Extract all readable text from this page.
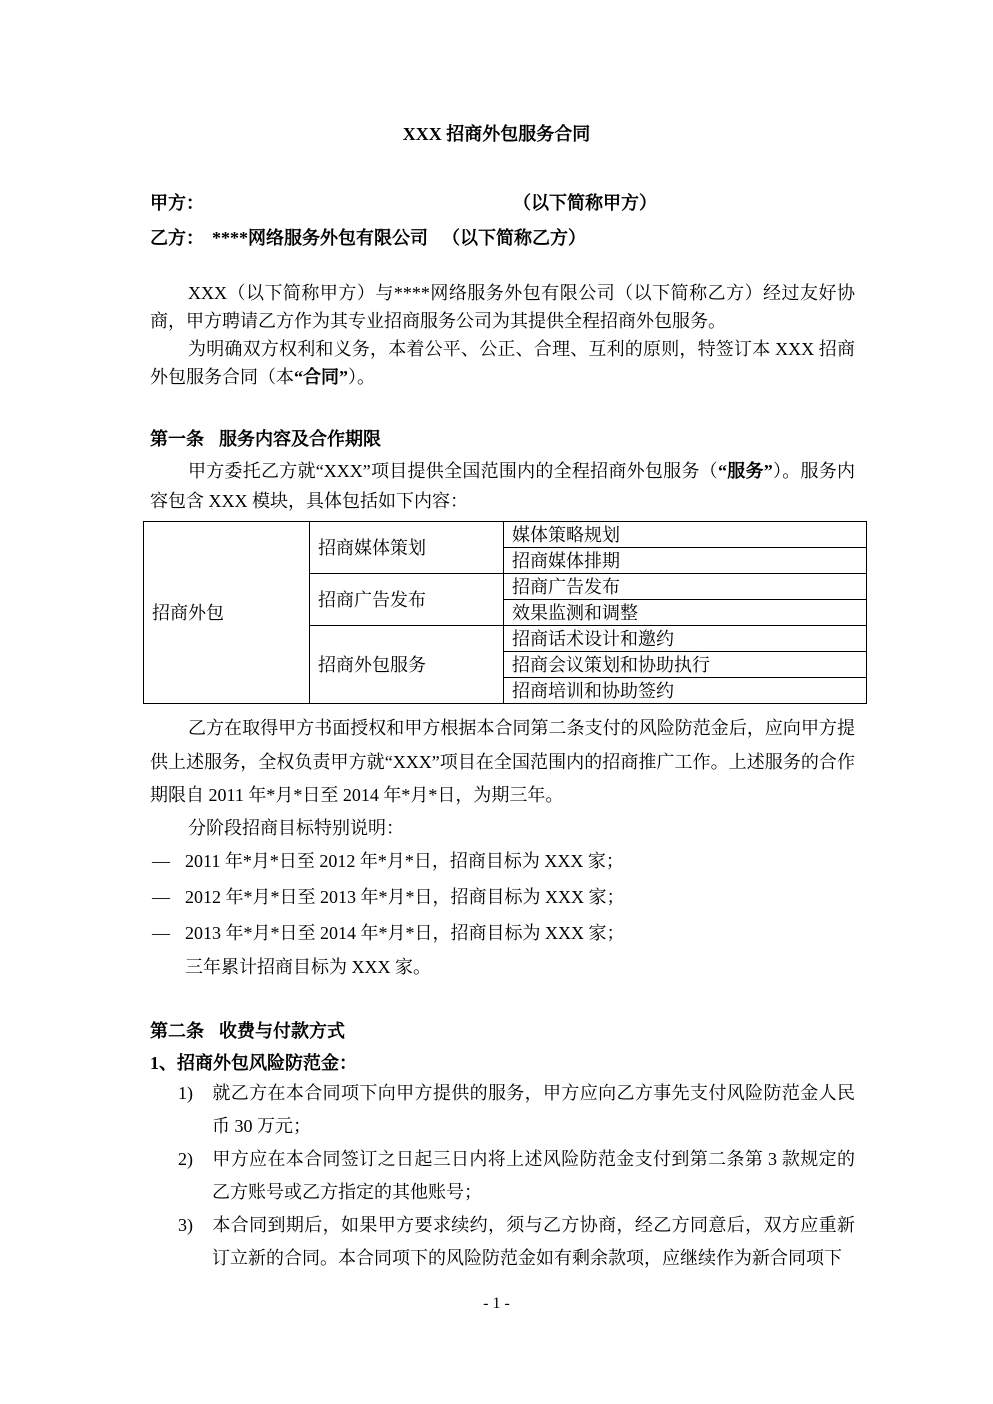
XXX 招商外包服务合同
甲方：	（以下简称甲方）
乙方： ****网络服务外包有限公司 （以下简称乙方）

XXX（以下简称甲方）与****网络服务外包有限公司（以下简称乙方）经过友好协商，甲方聘请乙方作为其专业招商服务公司为其提供全程招商外包服务。

为明确双方权利和义务，本着公平、公正、合理、互利的原则，特签订本 XXX 招商外包服务合同（本“合同”）。

第一条 服务内容及合作期限

甲方委托乙方就“XXX”项目提供全国范围内的全程招商外包服务（“服务”）。服务内容包含 XXX 模块，具体包括如下内容：

招商外包	招商媒体策划	媒体策略规划
		招商媒体排期
	招商广告发布	招商广告发布
		效果监测和调整
	招商外包服务	招商话术设计和邀约
		招商会议策划和协助执行
		招商培训和协助签约

乙方在取得甲方书面授权和甲方根据本合同第二条支付的风险防范金后，应向甲方提供上述服务，全权负责甲方就“XXX”项目在全国范围内的招商推广工作。上述服务的合作期限自 2011 年*月*日至 2014 年*月*日，为期三年。

分阶段招商目标特别说明：

— 2011 年*月*日至 2012 年*月*日，招商目标为 XXX 家；

— 2012 年*月*日至 2013 年*月*日，招商目标为 XXX 家；

— 2013 年*月*日至 2014 年*月*日，招商目标为 XXX 家；

三年累计招商目标为 XXX 家。

第二条 收费与付款方式

1、招商外包风险防范金：

1) 就乙方在本合同项下向甲方提供的服务，甲方应向乙方事先支付风险防范金人民币 30 万元；

2) 甲方应在本合同签订之日起三日内将上述风险防范金支付到第二条第 3 款规定的乙方账号或乙方指定的其他账号；

3) 本合同到期后，如果甲方要求续约，须与乙方协商，经乙方同意后，双方应重新订立新的合同。本合同项下的风险防范金如有剩余款项，应继续作为新合同项下

- 1 -
